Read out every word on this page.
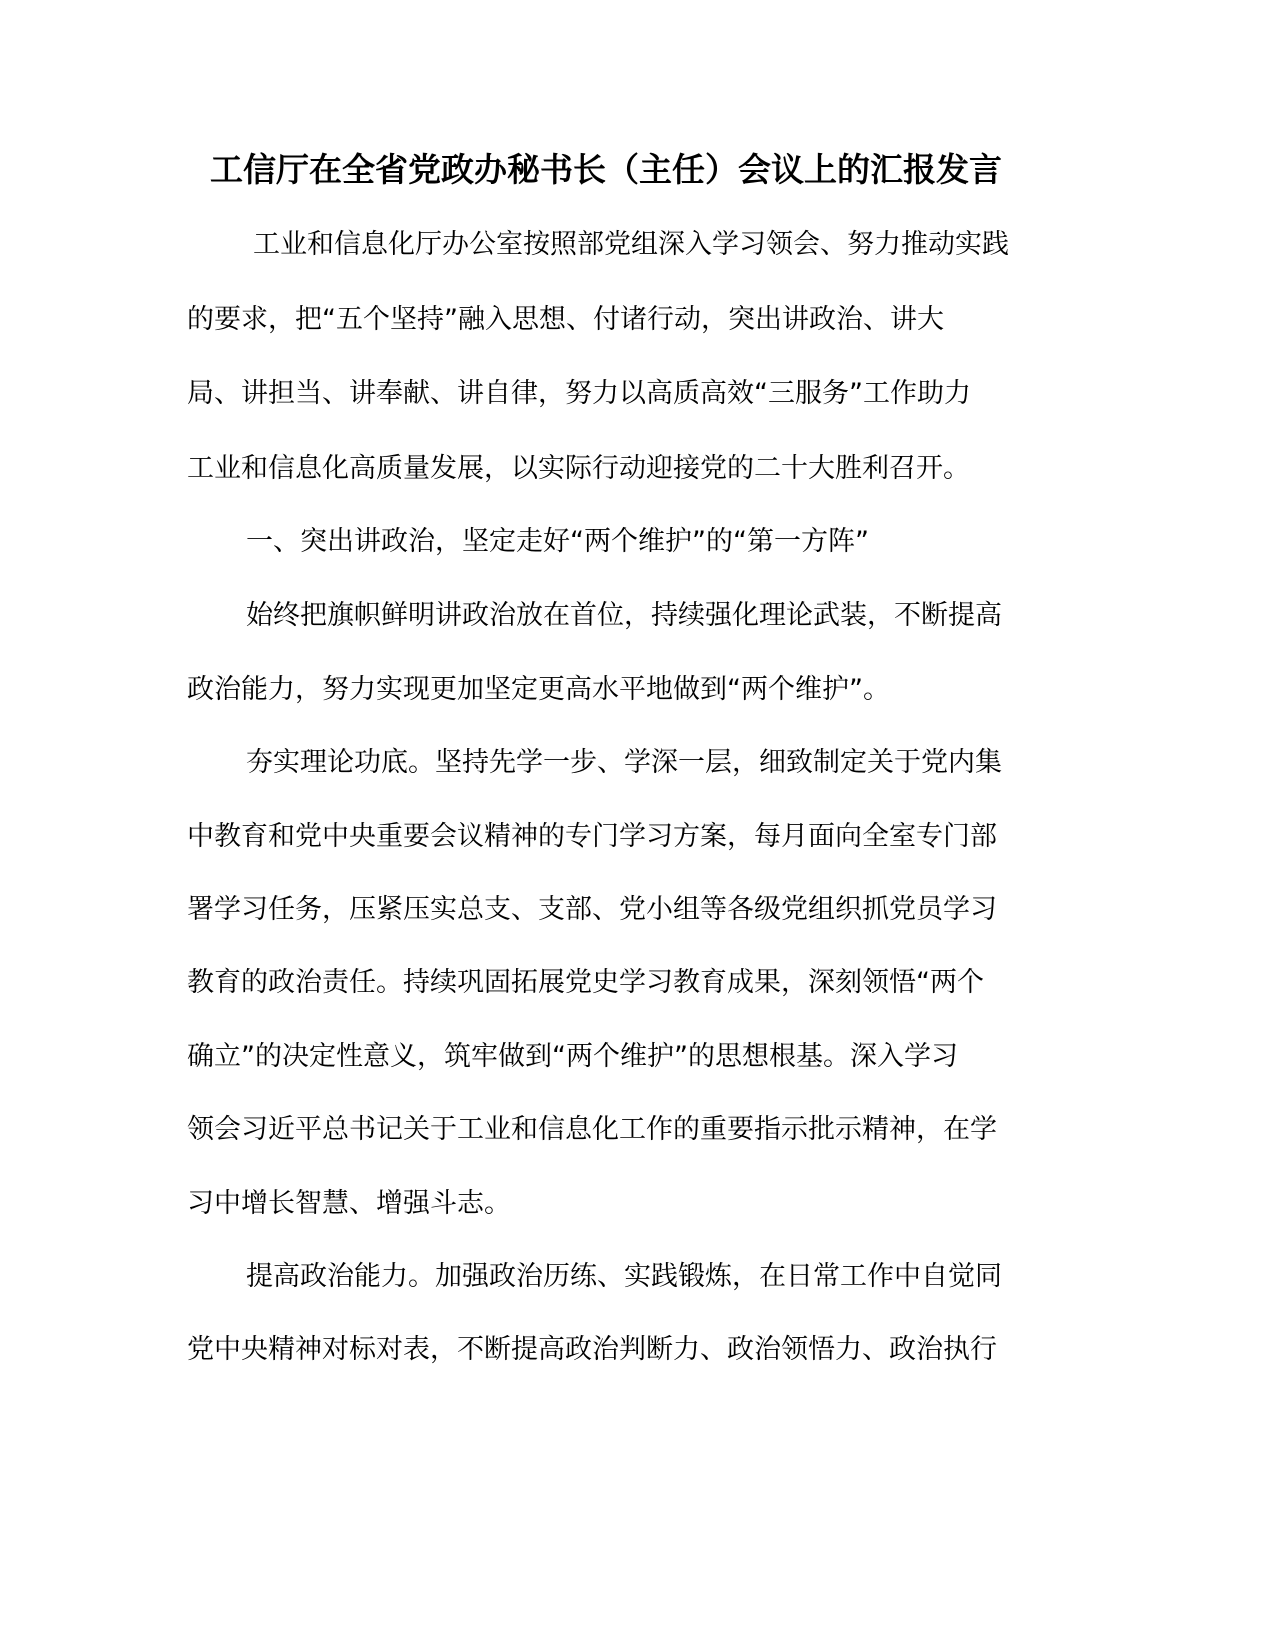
工信厅在全省党政办秘书长（主任）会议上的汇报发言
工业和信息化厅办公室按照部党组深入学习领会、努力推动实践
的要求，把“五个坚持”融入思想、付诸行动，突出讲政治、讲大
局、讲担当、讲奉献、讲自律，努力以高质高效“三服务”工作助力
工业和信息化高质量发展，以实际行动迎接党的二十大胜利召开。
一、突出讲政治，坚定走好“两个维护”的“第一方阵”
始终把旗帜鲜明讲政治放在首位，持续强化理论武装，不断提高
政治能力，努力实现更加坚定更高水平地做到“两个维护”。
夯实理论功底。坚持先学一步、学深一层，细致制定关于党内集
中教育和党中央重要会议精神的专门学习方案，每月面向全室专门部
署学习任务，压紧压实总支、支部、党小组等各级党组织抓党员学习
教育的政治责任。持续巩固拓展党史学习教育成果，深刻领悟“两个
确立”的决定性意义，筑牢做到“两个维护”的思想根基。深入学习
领会习近平总书记关于工业和信息化工作的重要指示批示精神，在学
习中增长智慧、增强斗志。
提高政治能力。加强政治历练、实践锻炼，在日常工作中自觉同
党中央精神对标对表，不断提高政治判断力、政治领悟力、政治执行
